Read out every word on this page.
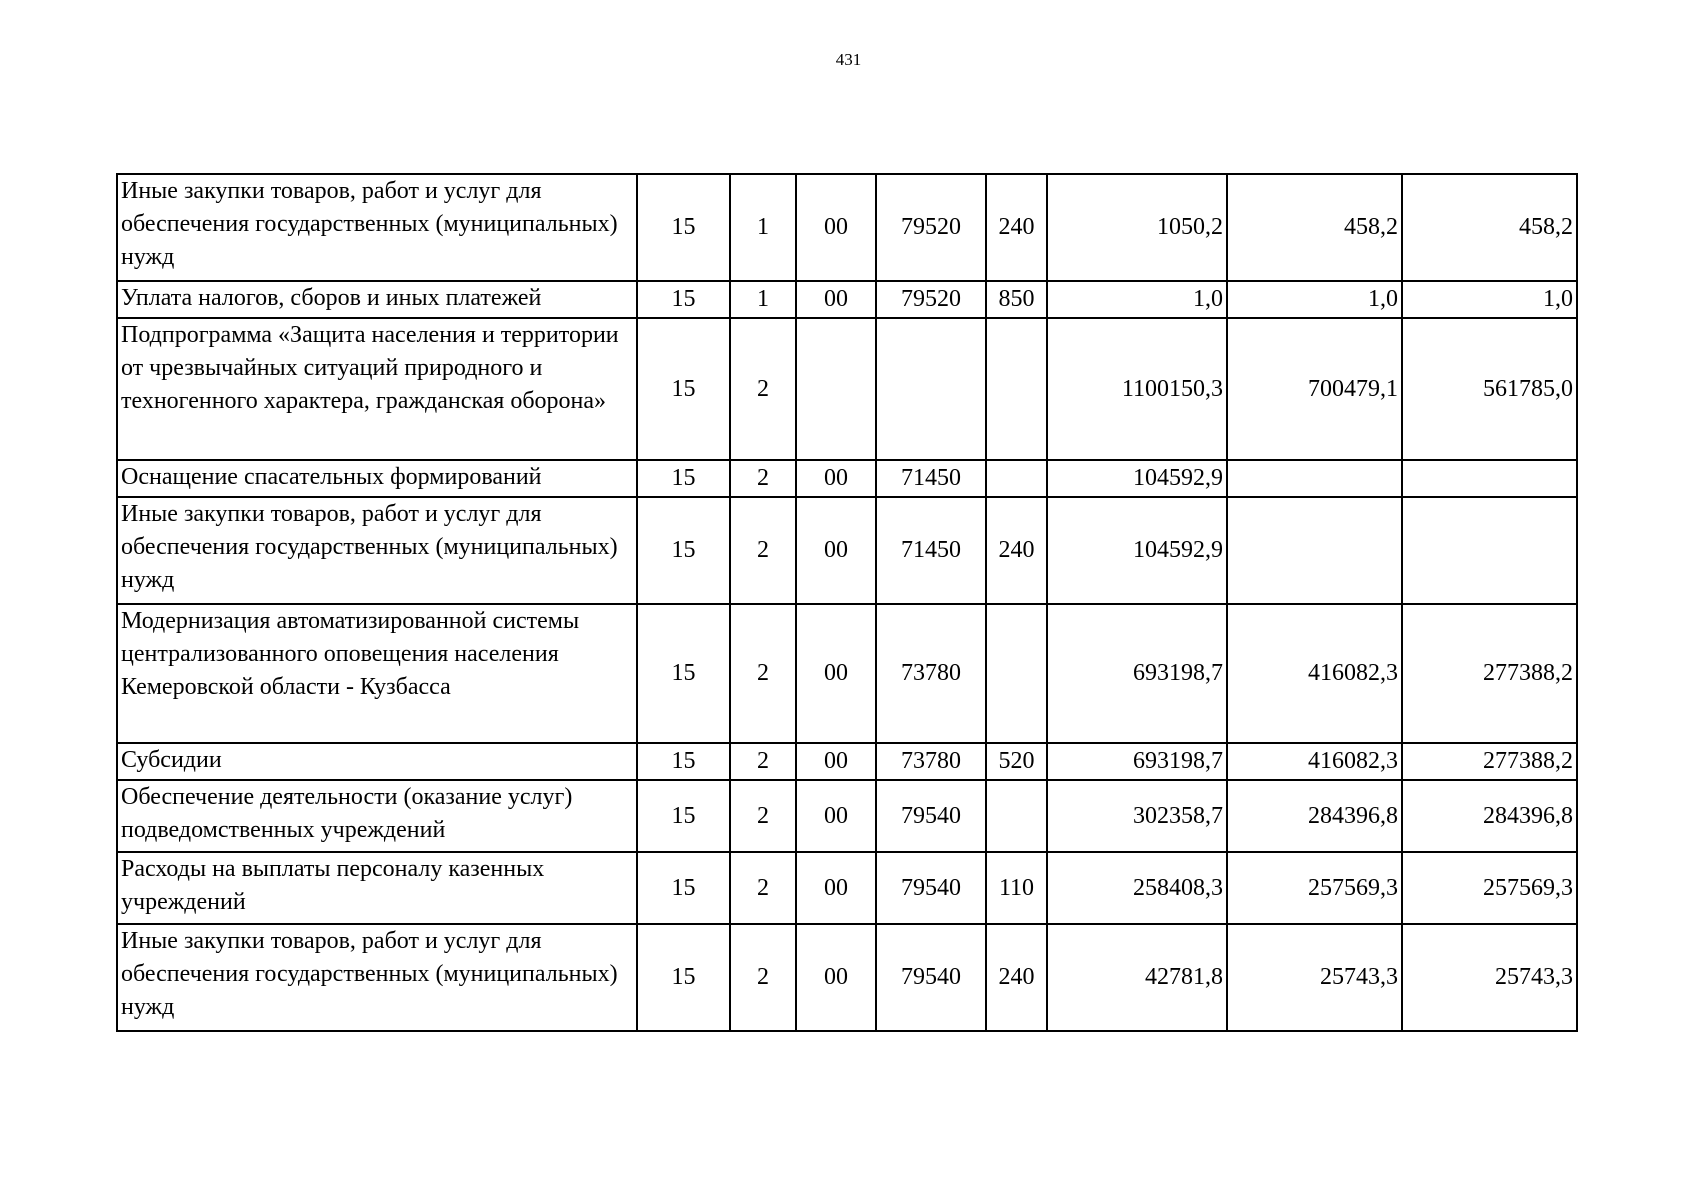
431
Иные закупки товаров, работ и услуг для обеспечения государственных (муниципальных) нужд	15	1	00	79520	240	1050,2	458,2	458,2
Уплата налогов, сборов и иных платежей	15	1	00	79520	850	1,0	1,0	1,0
Подпрограмма «Защита населения и территории от чрезвычайных ситуаций природного и техногенного характера, гражданская оборона»	15	2				1100150,3	700479,1	561785,0
Оснащение спасательных формирований	15	2	00	71450		104592,9		
Иные закупки товаров, работ и услуг для обеспечения государственных (муниципальных) нужд	15	2	00	71450	240	104592,9		
Модернизация автоматизированной системы централизованного оповещения населения Кемеровской области - Кузбасса	15	2	00	73780		693198,7	416082,3	277388,2
Субсидии	15	2	00	73780	520	693198,7	416082,3	277388,2
Обеспечение деятельности (оказание услуг) подведомственных учреждений	15	2	00	79540		302358,7	284396,8	284396,8
Расходы на выплаты персоналу казенных учреждений	15	2	00	79540	110	258408,3	257569,3	257569,3
Иные закупки товаров, работ и услуг для обеспечения государственных (муниципальных) нужд	15	2	00	79540	240	42781,8	25743,3	25743,3
